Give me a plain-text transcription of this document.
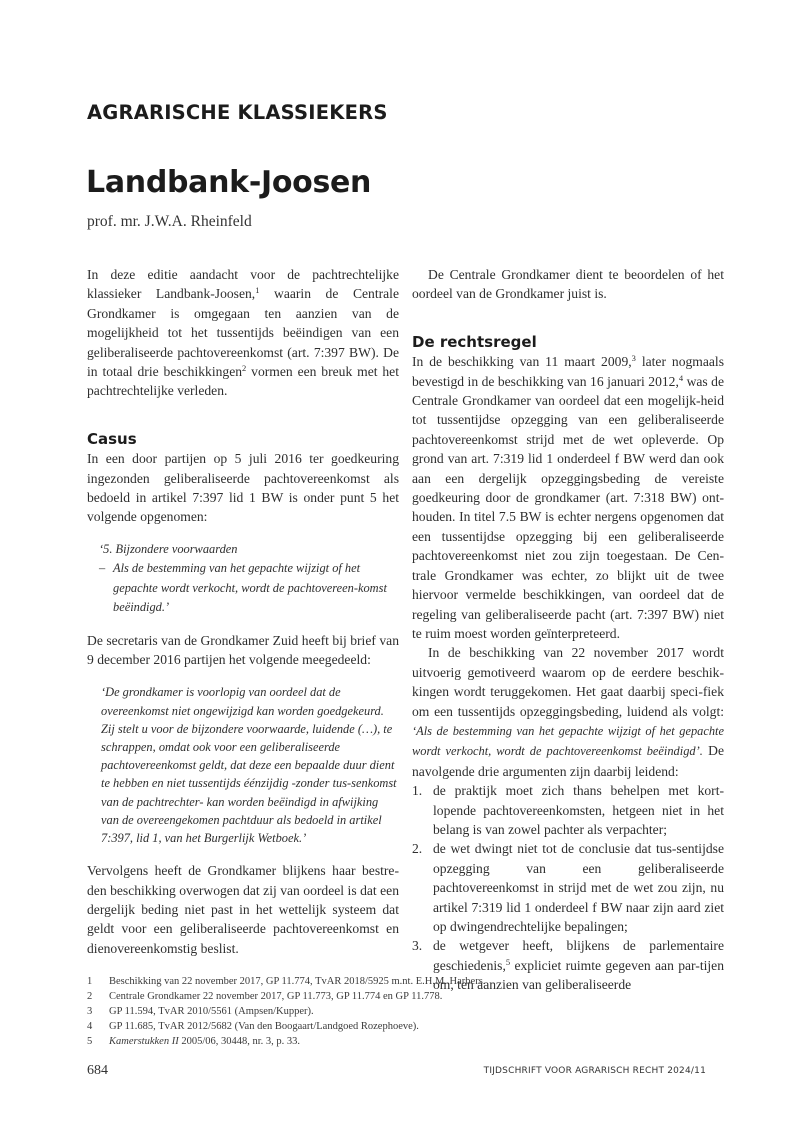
AGRARISCHE KLASSIEKERS
Landbank-Joosen
prof. mr. J.W.A. Rheinfeld

In deze editie aandacht voor de pachtrechtelijke klassieker Landbank-Joosen,$^1$ waarin de Centrale Grondkamer is omgegaan ten aanzien van de mogelijkheid tot het tussentijds beëindigen van een geliberaliseerde pachtovereenkomst (art. 7:397 BW). De in totaal drie beschikkingen$^2$ vormen een breuk met het pachtrechtelijke verleden.

Casus

In een door partijen op 5 juli 2016 ter goedkeuring ingezonden geliberaliseerde pachtovereenkomst als bedoeld in artikel 7:397 lid 1 BW is onder punt 5 het volgende opgenomen:

‘5. Bijzondere voorwaarden
– Als de bestemming van het gepachte wijzigt of het gepachte wordt verkocht, wordt de pachtovereen-komst beëindigd.’

De secretaris van de Grondkamer Zuid heeft bij brief van 9 december 2016 partijen het volgende meegedeeld:

‘De grondkamer is voorlopig van oordeel dat de overeenkomst niet ongewijzigd kan worden goedgekeurd. Zij stelt u voor de bijzondere voorwaarde, luidende (…), te schrappen, omdat ook voor een geliberaliseerde pachtovereenkomst geldt, dat deze een bepaalde duur dient te hebben en niet tussentijds éénzijdig -zonder tus-senkomst van de pachtrechter- kan worden beëindigd in afwijking van de overeengekomen pachtduur als bedoeld in artikel 7:397, lid 1, van het Burgerlijk Wetboek.’

Vervolgens heeft de Grondkamer blijkens haar bestre-den beschikking overwogen dat zij van oordeel is dat een dergelijk beding niet past in het wettelijk systeem dat geldt voor een geliberaliseerde pachtovereenkomst en dienovereenkomstig beslist.

De Centrale Grondkamer dient te beoordelen of het oordeel van de Grondkamer juist is.

De rechtsregel

In de beschikking van 11 maart 2009,$^3$ later nogmaals bevestigd in de beschikking van 16 januari 2012,$^4$ was de Centrale Grondkamer van oordeel dat een mogelijk-heid tot tussentijdse opzegging van een geliberaliseerde pachtovereenkomst strijd met de wet opleverde. Op grond van art. 7:319 lid 1 onderdeel f BW werd dan ook aan een dergelijk opzeggingsbeding de vereiste goedkeuring door de grondkamer (art. 7:318 BW) ont-houden. In titel 7.5 BW is echter nergens opgenomen dat een tussentijdse opzegging bij een geliberaliseerde pachtovereenkomst niet zou zijn toegestaan. De Cen-trale Grondkamer was echter, zo blijkt uit de twee hiervoor vermelde beschikkingen, van oordeel dat de regeling van geliberaliseerde pacht (art. 7:397 BW) niet te ruim moest worden geïnterpreteerd.

In de beschikking van 22 november 2017 wordt uitvoerig gemotiveerd waarom op de eerdere beschik-kingen wordt teruggekomen. Het gaat daarbij speci-fiek om een tussentijds opzeggingsbeding, luidend als volgt: ‘Als de bestemming van het gepachte wijzigt of het gepachte wordt verkocht, wordt de pachtovereenkomst beëindigd’. De navolgende drie argumenten zijn daarbij leidend:

1. de praktijk moet zich thans behelpen met kort-lopende pachtovereenkomsten, hetgeen niet in het belang is van zowel pachter als verpachter;
2. de wet dwingt niet tot de conclusie dat tus-sentijdse opzegging van een geliberaliseerde pachtovereenkomst in strijd met de wet zou zijn, nu artikel 7:319 lid 1 onderdeel f BW naar zijn aard ziet op dwingendrechtelijke bepalingen;
3. de wetgever heeft, blijkens de parlementaire geschiedenis,$^5$ expliciet ruimte gegeven aan par-tijen om, ten aanzien van geliberaliseerde
1	Beschikking van 22 november 2017, GP 11.774, TvAR 2018/5925 m.nt. E.H.M. Harbers.
2	Centrale Grondkamer 22 november 2017, GP 11.773, GP 11.774 en GP 11.778.
3	GP 11.594, TvAR 2010/5561 (Ampsen/Kupper).
4	GP 11.685, TvAR 2012/5682 (Van den Boogaart/Landgoed Rozephoeve).
5	Kamerstukken II 2005/06, 30448, nr. 3, p. 33.
684	TIJDSCHRIFT VOOR AGRARISCH RECHT 2024/11
